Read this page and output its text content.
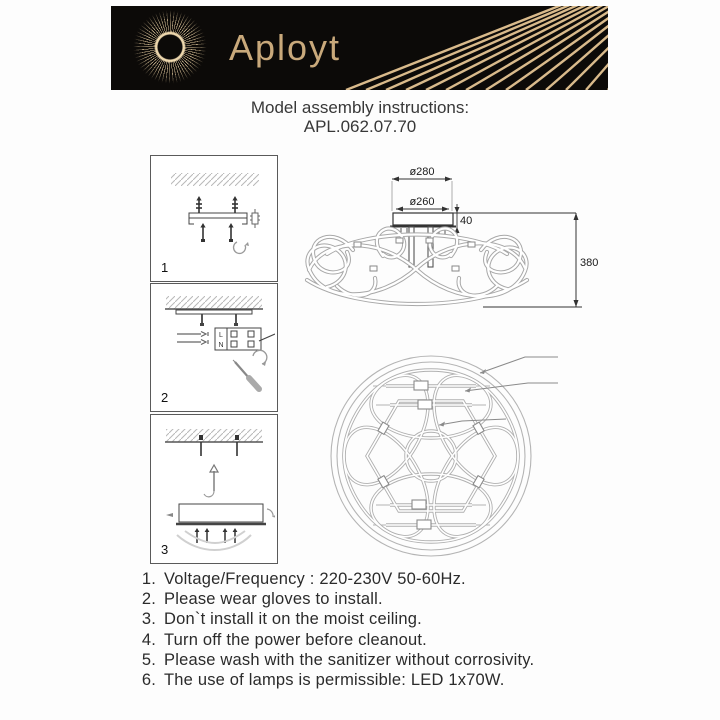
Aployt
Model assembly instructions:
APL.062.07.70
1
L
N
2
3
ø280
ø260
40
380
1. Voltage/Frequency : 220-230V 50-60Hz.
2. Please wear gloves to install.
3. Don`t install it on the moist ceiling.
4. Turn off the power before cleanout.
5. Please wash with the sanitizer without corrosivity.
6. The use of lamps is permissible: LED 1x70W.
